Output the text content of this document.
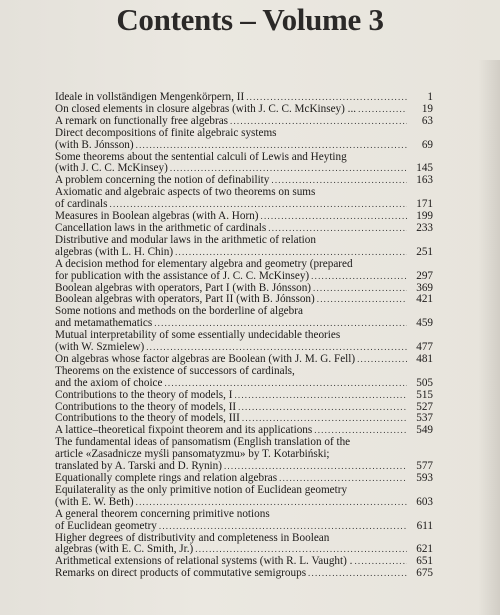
Contents – Volume 3
Ideale in vollständigen Mengenkörpern, II .....	1
On closed elements in closure algebras (with J. C. C. McKinsey) ... .....	19
A remark on functionally free algebras .....	63
Direct decompositions of finite algebraic systems
(with B. Jónsson) .....	69
Some theorems about the sentential calculi of Lewis and Heyting
(with J. C. C. McKinsey) .....	145
A problem concerning the notion of definability .....	163
Axiomatic and algebraic aspects of two theorems on sums
of cardinals .....	171
Measures in Boolean algebras (with A. Horn) .....	199
Cancellation laws in the arithmetic of cardinals .....	233
Distributive and modular laws in the arithmetic of relation
algebras (with L. H. Chin) .....	251
A decision method for elementary algebra and geometry (prepared
for publication with the assistance of J. C. C. McKinsey) .....	297
Boolean algebras with operators, Part I (with B. Jónsson) .....	369
Boolean algebras with operators, Part II (with B. Jónsson) .....	421
Some notions and methods on the borderline of algebra
and metamathematics .....	459
Mutual interpretability of some essentially undecidable theories
(with W. Szmielew) .....	477
On algebras whose factor algebras are Boolean (with J. M. G. Fell) .....	481
Theorems on the existence of successors of cardinals,
and the axiom of choice .....	505
Contributions to the theory of models, I .....	515
Contributions to the theory of models, II .....	527
Contributions to the theory of models, III .....	537
A lattice–theoretical fixpoint theorem and its applications .....	549
The fundamental ideas of pansomatism (English translation of the
article «Zasadnicze myśli pansomatyzmu» by T. Kotarbiński;
translated by A. Tarski and D. Rynin) .....	577
Equationally complete rings and relation algebras .....	593
Equilaterality as the only primitive notion of Euclidean geometry
(with E. W. Beth) .....	603
A general theorem concerning primitive notions
of Euclidean geometry .....	611
Higher degrees of distributivity and completeness in Boolean
algebras (with E. C. Smith, Jr.) .....	621
Arithmetical extensions of relational systems (with R. L. Vaught) . .....	651
Remarks on direct products of commutative semigroups .....	675
